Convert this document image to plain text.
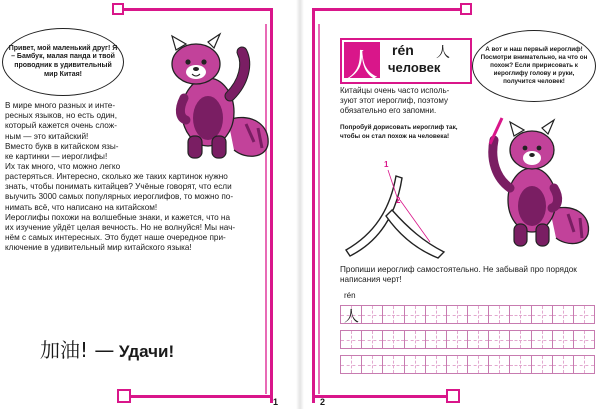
Привет, мой маленький друг! Я – Бамбук, малая панда и твой проводник в удивительный мир Китая!
В мире много разных и инте-
ресных языков, но есть один,
который кажется очень слож-
ным — это китайский!
Вместо букв в китайском язы-
ке картинки — иероглифы!
Их так много, что можно легко
растеряться. Интересно, сколько же таких картинок нужно
знать, чтобы понимать китайцев? Учёные говорят, что если
выучить 3000 самых популярных иероглифов, то можно по-
нимать всё, что написано на китайском!
Иероглифы похожи на волшебные знаки, и кажется, что на
их изучение уйдёт целая вечность. Но не волнуйся! Мы нач-
нём с самых интересных. Это будет наше очередное при-
ключение в удивительный мир китайского языка!
加油! — Удачи!
1
人 rén 人
человек
Китайцы очень часто исполь-
зуют этот иероглиф, поэтому
обязательно его запомни.
Попробуй дорисовать иероглиф так,
чтобы он стал похож на человека!
А вот и наш первый иероглиф! Посмотри внимательно, на что он похож? Если пририсовать к иероглифу голову и руки, получится человек!
1
2
Пропиши иероглиф самостоятельно. Не забывай про порядок
написания черт!
rén
人
2
